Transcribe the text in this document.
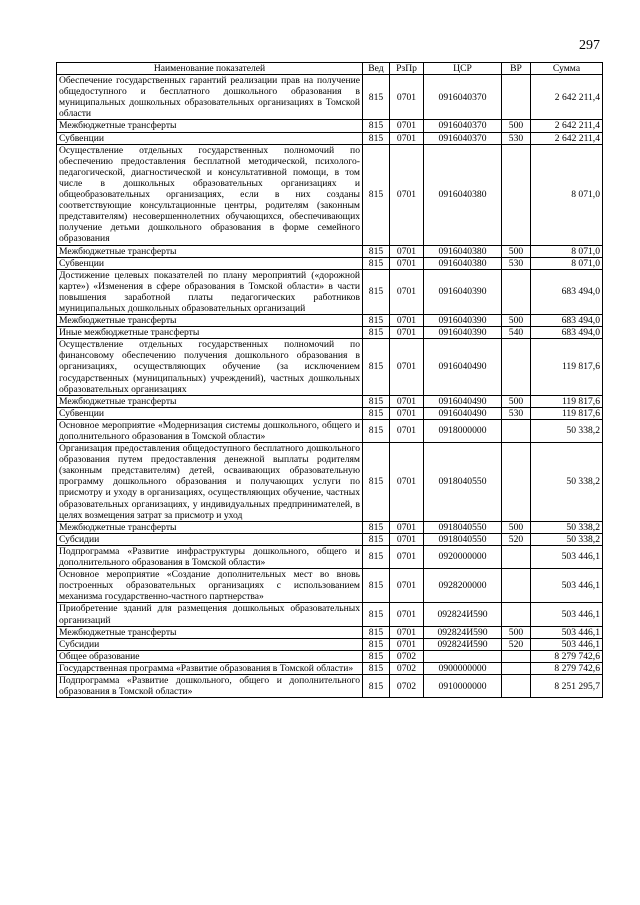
297
Наименование показателей	Вед	РзПр	ЦСР	ВР	Сумма
Обеспечение государственных гарантий реализации прав на получение общедоступного и бесплатного дошкольного образования в муниципальных дошкольных образовательных организациях в Томской области	815	0701	0916040370		2 642 211,4
Межбюджетные трансферты	815	0701	0916040370	500	2 642 211,4
Субвенции	815	0701	0916040370	530	2 642 211,4
Осуществление отдельных государственных полномочий по обеспечению предоставления бесплатной методической, психолого-педагогической, диагностической и консультативной помощи, в том числе в дошкольных образовательных организациях и общеобразовательных организациях, если в них созданы соответствующие консультационные центры, родителям (законным представителям) несовершеннолетних обучающихся, обеспечивающих получение детьми дошкольного образования в форме семейного образования	815	0701	0916040380		8 071,0
Межбюджетные трансферты	815	0701	0916040380	500	8 071,0
Субвенции	815	0701	0916040380	530	8 071,0
Достижение целевых показателей по плану мероприятий («дорожной карте») «Изменения в сфере образования в Томской области» в части повышения заработной платы педагогических работников муниципальных дошкольных образовательных организаций	815	0701	0916040390		683 494,0
Межбюджетные трансферты	815	0701	0916040390	500	683 494,0
Иные межбюджетные трансферты	815	0701	0916040390	540	683 494,0
Осуществление отдельных государственных полномочий по финансовому обеспечению получения дошкольного образования в организациях, осуществляющих обучение (за исключением государственных (муниципальных) учреждений), частных дошкольных образовательных организациях	815	0701	0916040490		119 817,6
Межбюджетные трансферты	815	0701	0916040490	500	119 817,6
Субвенции	815	0701	0916040490	530	119 817,6
Основное мероприятие «Модернизация системы дошкольного, общего и дополнительного образования в Томской области»	815	0701	0918000000		50 338,2
Организация предоставления общедоступного бесплатного дошкольного образования путем предоставления денежной выплаты родителям (законным представителям) детей, осваивающих образовательную программу дошкольного образования и получающих услуги по присмотру и уходу в организациях, осуществляющих обучение, частных образовательных организациях, у индивидуальных предпринимателей, в целях возмещения затрат за присмотр и уход	815	0701	0918040550		50 338,2
Межбюджетные трансферты	815	0701	0918040550	500	50 338,2
Субсидии	815	0701	0918040550	520	50 338,2
Подпрограмма «Развитие инфраструктуры дошкольного, общего и дополнительного образования в Томской области»	815	0701	0920000000		503 446,1
Основное мероприятие «Создание дополнительных мест во вновь построенных образовательных организациях с использованием механизма государственно-частного партнерства»	815	0701	0928200000		503 446,1
Приобретение зданий для размещения дошкольных образовательных организаций	815	0701	092824И590		503 446,1
Межбюджетные трансферты	815	0701	092824И590	500	503 446,1
Субсидии	815	0701	092824И590	520	503 446,1
Общее образование	815	0702			8 279 742,6
Государственная программа «Развитие образования в Томской области»	815	0702	0900000000		8 279 742,6
Подпрограмма «Развитие дошкольного, общего и дополнительного образования в Томской области»	815	0702	0910000000		8 251 295,7
